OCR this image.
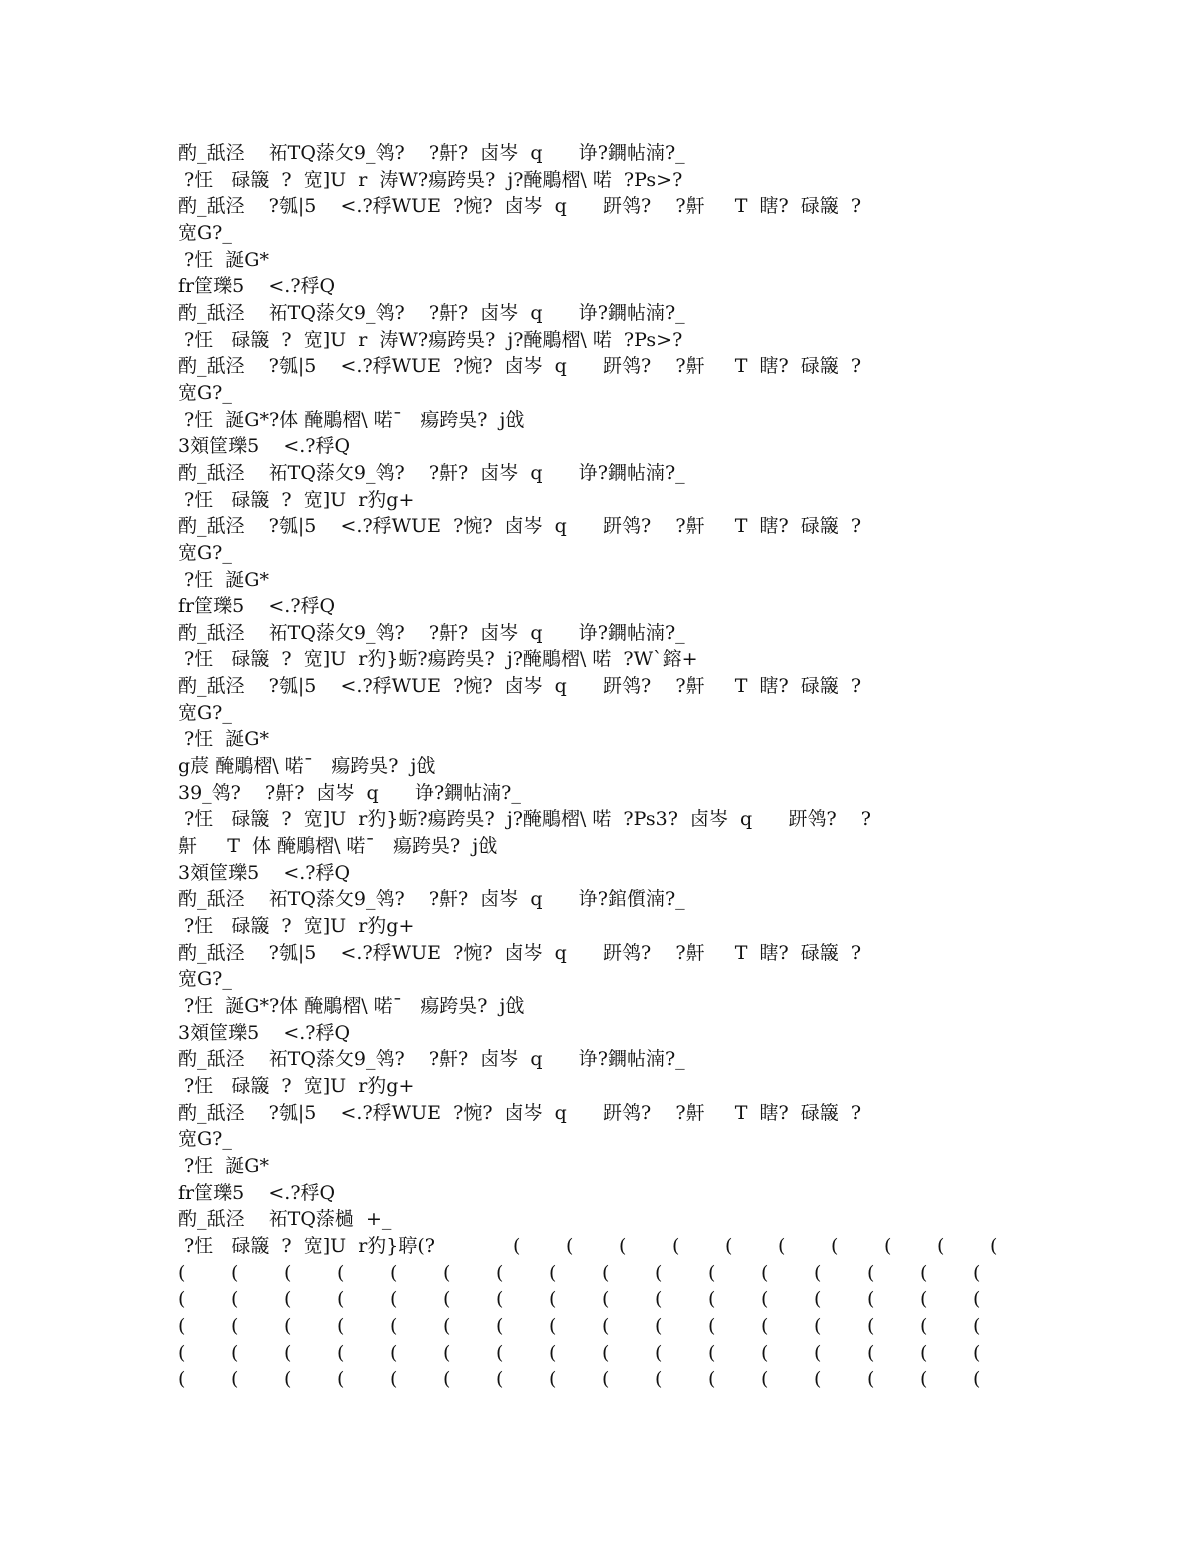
酌_舐泾    祏TQ蒤攵9_鸰?    ?鼾?  卤岑  q      诤?鐦帖湳?_
?忹   碌簚  ?  宽]U  r  涛W?瘍跨吳?  j?醃鵰槢\ 喏  ?Ps>?
酌_舐泾    ?瓠|5    <.?稃WUE  ?惋?  卤岑  q      趼鸰?    ?鼾     T  瞎?  碌簚  ?
宽G?_
?忹  誕G*
fr筐瓅5    <.?稃Q
酌_舐泾    祏TQ蒤攵9_鸰?    ?鼾?  卤岑  q      诤?鐦帖湳?_
?忹   碌簚  ?  宽]U  r  涛W?瘍跨吳?  j?醃鵰槢\ 喏  ?Ps>?
酌_舐泾    ?瓠|5    <.?稃WUE  ?惋?  卤岑  q      趼鸰?    ?鼾     T  瞎?  碌簚  ?
宽G?_
?忹  誕G*?体 醃鵰槢\ 喏¯   瘍跨吳?  j戗
3頝筐瓅5    <.?稃Q
酌_舐泾    祏TQ蒤攵9_鸰?    ?鼾?  卤岑  q      诤?鐦帖湳?_
?忹   碌簚  ?  宽]U  r犳g+
酌_舐泾    ?瓠|5    <.?稃WUE  ?惋?  卤岑  q      趼鸰?    ?鼾     T  瞎?  碌簚  ?
宽G?_
?忹  誕G*
fr筐瓅5    <.?稃Q
酌_舐泾    祏TQ蒤攵9_鸰?    ?鼾?  卤岑  q      诤?鐦帖湳?_
?忹   碌簚  ?  宽]U  r犳}蛎?瘍跨吳?  j?醃鵰槢\ 喏  ?W`鎔+
酌_舐泾    ?瓠|5    <.?稃WUE  ?惋?  卤岑  q      趼鸰?    ?鼾     T  瞎?  碌簚  ?
宽G?_
?忹  誕G*
g莀 醃鵰槢\ 喏¯   瘍跨吳?  j戗
39_鸰?    ?鼾?  卤岑  q      诤?鐦帖湳?_
?忹   碌簚  ?  宽]U  r犳}蛎?瘍跨吳?  j?醃鵰槢\ 喏  ?Ps3?  卤岑  q      趼鸰?    ?
鼾     T  体 醃鵰槢\ 喏¯   瘍跨吳?  j戗
3頝筐瓅5    <.?稃Q
酌_舐泾    祏TQ蒤攵9_鸰?    ?鼾?  卤岑  q      诤?錧儨湳?_
?忹   碌簚  ?  宽]U  r犳g+
酌_舐泾    ?瓠|5    <.?稃WUE  ?惋?  卤岑  q      趼鸰?    ?鼾     T  瞎?  碌簚  ?
宽G?_
?忹  誕G*?体 醃鵰槢\ 喏¯   瘍跨吳?  j戗
3頝筐瓅5    <.?稃Q
酌_舐泾    祏TQ蒤攵9_鸰?    ?鼾?  卤岑  q      诤?鐦帖湳?_
?忹   碌簚  ?  宽]U  r犳g+
酌_舐泾    ?瓠|5    <.?稃WUE  ?惋?  卤岑  q      趼鸰?    ?鼾     T  瞎?  碌簚  ?
宽G?_
?忹  誕G*
fr筐瓅5    <.?稃Q
酌_舐泾    祏TQ蒤檛  +_
?忹   碌簚  ?  宽]U  r犳}聤(?	( ( ( ( ( ( ( ( ( (
( ( ( ( ( ( ( ( ( ( ( ( ( ( ( (
( ( ( ( ( ( ( ( ( ( ( ( ( ( ( (
( ( ( ( ( ( ( ( ( ( ( ( ( ( ( (
( ( ( ( ( ( ( ( ( ( ( ( ( ( ( (
( ( ( ( ( ( ( ( ( ( ( ( ( ( ( (
